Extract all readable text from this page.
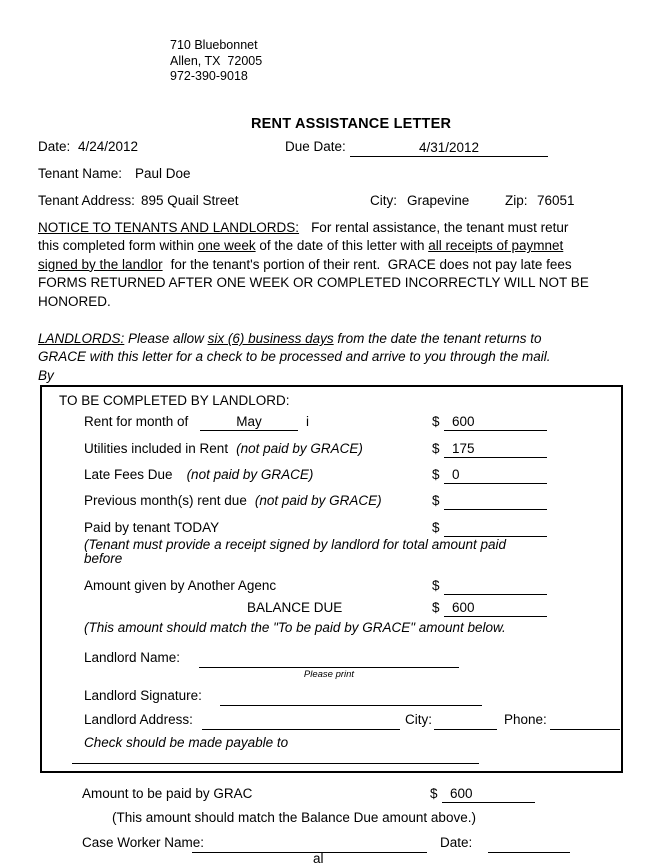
710 Bluebonnet
Allen, TX  72005
972-390-9018
RENT ASSISTANCE LETTER
Date: 4/24/2012	Due Date:	4/31/2012
Tenant Name: Paul Doe
Tenant Address: 895 Quail Street	City: Grapevine	Zip: 76051
NOTICE TO TENANTS AND LANDLORDS: For rental assistance, the tenant must retur
this completed form within one week of the date of this letter with all receipts of paymnet
signed by the landlor for the tenant's portion of their rent.  GRACE does not pay late fees
FORMS RETURNED AFTER ONE WEEK OR COMPLETED INCORRECTLY WILL NOT BE
HONORED.
LANDLORDS: Please allow six (6) business days from the date the tenant returns to
GRACE with this letter for a check to be processed and arrive to you through the mail.
By
TO BE COMPLETED BY LANDLORD:
Rent for month of	May	i	$ 600
Utilities included in Rent (not paid by GRACE)	$ 175
Late Fees Due (not paid by GRACE)	$ 0
Previous month(s) rent due (not paid by GRACE)	$
Paid by tenant TODAY	$
(Tenant must provide a receipt signed by landlord for total amount paid
before
Amount given by Another Agenc	$
BALANCE DUE	$ 600
(This amount should match the "To be paid by GRACE" amount below.
Landlord Name:
Please print
Landlord Signature:
Landlord Address:	City:	Phone:
Check should be made payable to
Amount to be paid by GRAC	$ 600
(This amount should match the Balance Due amount above.)
Case Worker Name:	Date:
al
